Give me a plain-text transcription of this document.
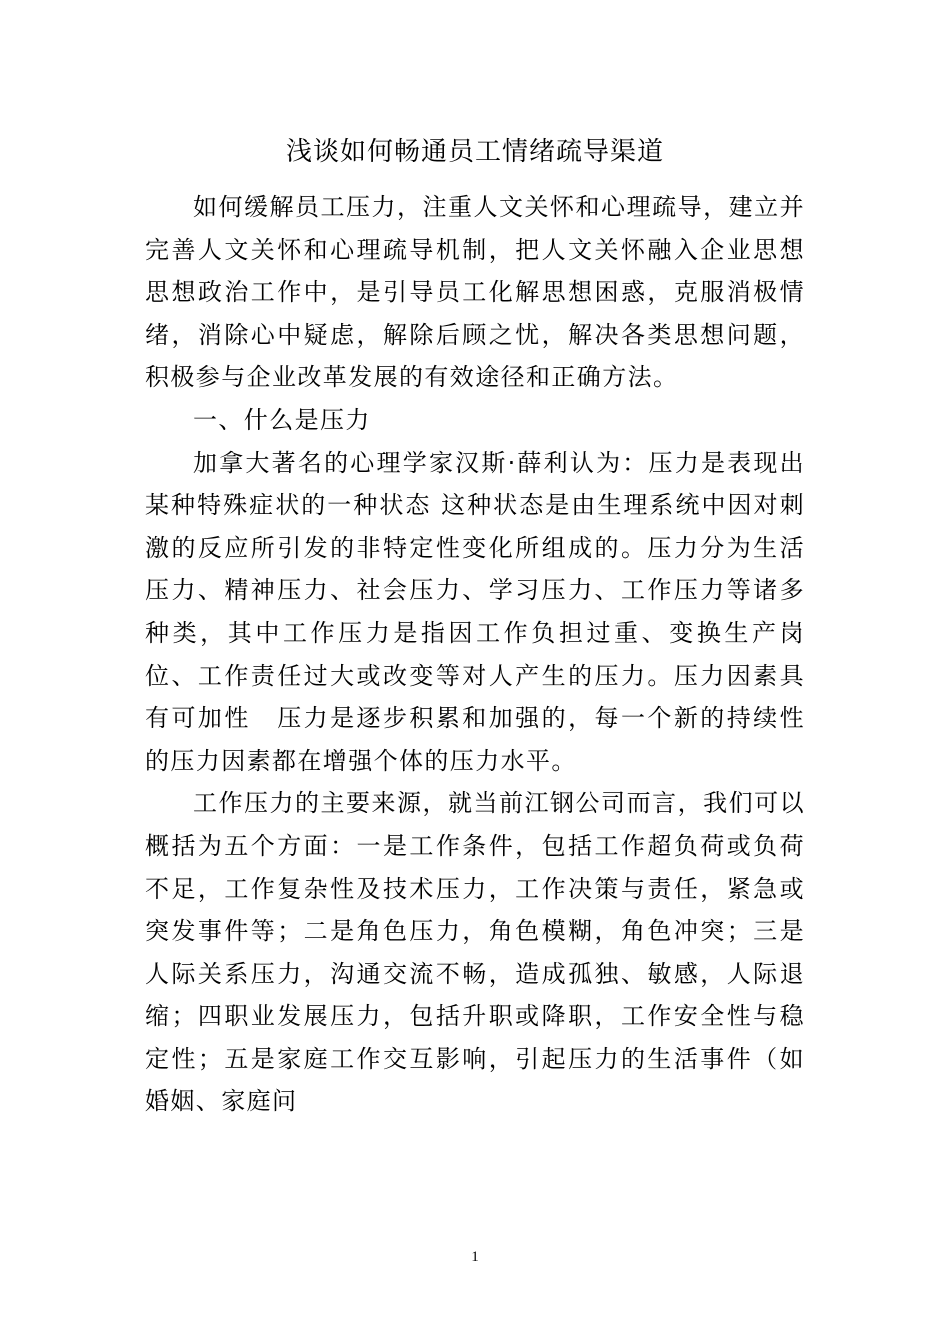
浅谈如何畅通员工情绪疏导渠道

如何缓解员工压力，注重人文关怀和心理疏导，建立并完善人文关怀和心理疏导机制，把人文关怀融入企业思想思想政治工作中，是引导员工化解思想困惑，克服消极情绪，消除心中疑虑，解除后顾之忧，解决各类思想问题，积极参与企业改革发展的有效途径和正确方法。

一、什么是压力

加拿大著名的心理学家汉斯·薛利认为：压力是表现出某种特殊症状的一种状态 这种状态是由生理系统中因对刺激的反应所引发的非特定性变化所组成的。压力分为生活压力、精神压力、社会压力、学习压力、工作压力等诸多种类，其中工作压力是指因工作负担过重、变换生产岗位、工作责任过大或改变等对人产生的压力。压力因素具有可加性　压力是逐步积累和加强的，每一个新的持续性的压力因素都在增强个体的压力水平。

工作压力的主要来源，就当前江钢公司而言，我们可以概括为五个方面：一是工作条件，包括工作超负荷或负荷不足，工作复杂性及技术压力，工作决策与责任，紧急或突发事件等；二是角色压力，角色模糊，角色冲突；三是人际关系压力，沟通交流不畅，造成孤独、敏感，人际退缩；四职业发展压力，包括升职或降职，工作安全性与稳定性；五是家庭工作交互影响，引起压力的生活事件（如婚姻、家庭问

1
